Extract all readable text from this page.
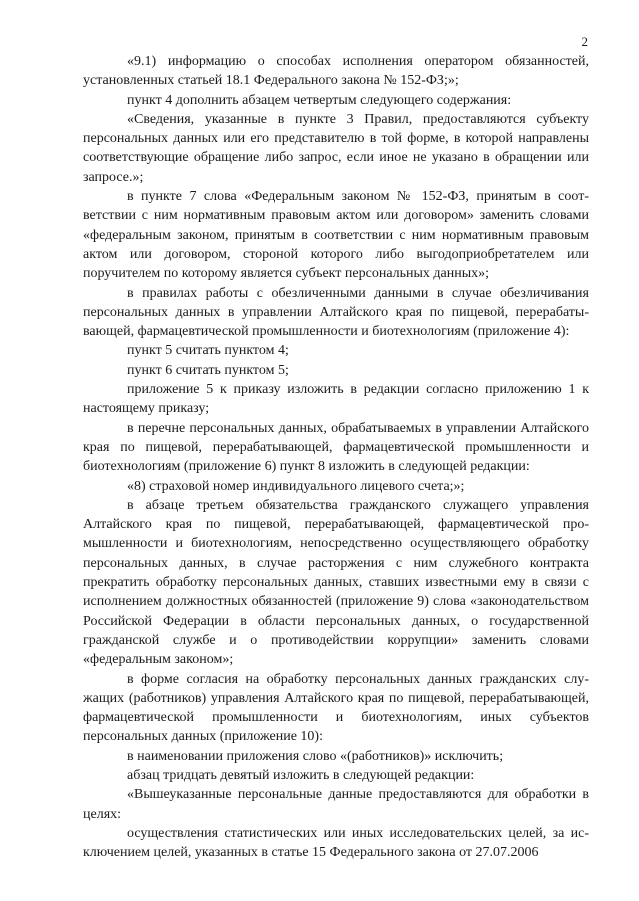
2

«9.1) информацию о способах исполнения оператором обязанностей, установленных статьей 18.1 Федерального закона № 152-ФЗ;»;

пункт 4 дополнить абзацем четвертым следующего содержания:

«Сведения, указанные в пункте 3 Правил, предоставляются субъекту персональных данных или его представителю в той форме, в которой направлены соответствующие обращение либо запрос, если иное не указано в обращении или запросе.»;

в пункте 7 слова «Федеральным законом № 152-ФЗ, принятым в соответствии с ним нормативным правовым актом или договором» заменить словами «федеральным законом, принятым в соответствии с ним нормативным правовым актом или договором, стороной которого либо выгодоприобретателем или поручителем по которому является субъект персональных данных»;

в правилах работы с обезличенными данными в случае обезличивания персональных данных в управлении Алтайского края по пищевой, перерабатывающей, фармацевтической промышленности и биотехнологиям (приложение 4):

пункт 5 считать пунктом 4;

пункт 6 считать пунктом 5;

приложение 5 к приказу изложить в редакции согласно приложению 1 к настоящему приказу;

в перечне персональных данных, обрабатываемых в управлении Алтайского края по пищевой, перерабатывающей, фармацевтической промышленности и биотехнологиям (приложение 6) пункт 8 изложить в следующей редакции:

«8) страховой номер индивидуального лицевого счета;»;

в абзаце третьем обязательства гражданского служащего управления Алтайского края по пищевой, перерабатывающей, фармацевтической промышленности и биотехнологиям, непосредственно осуществляющего обработку персональных данных, в случае расторжения с ним служебного контракта прекратить обработку персональных данных, ставших известными ему в связи с исполнением должностных обязанностей (приложение 9) слова «законодательством Российской Федерации в области персональных данных, о государственной гражданской службе и о противодействии коррупции» заменить словами «федеральным законом»;

в форме согласия на обработку персональных данных гражданских служащих (работников) управления Алтайского края по пищевой, перерабатывающей, фармацевтической промышленности и биотехнологиям, иных субъектов персональных данных (приложение 10):

в наименовании приложения слово «(работников)» исключить;

абзац тридцать девятый изложить в следующей редакции:

«Вышеуказанные персональные данные предоставляются для обработки в целях:

осуществления статистических или иных исследовательских целей, за исключением целей, указанных в статье 15 Федерального закона от 27.07.2006
